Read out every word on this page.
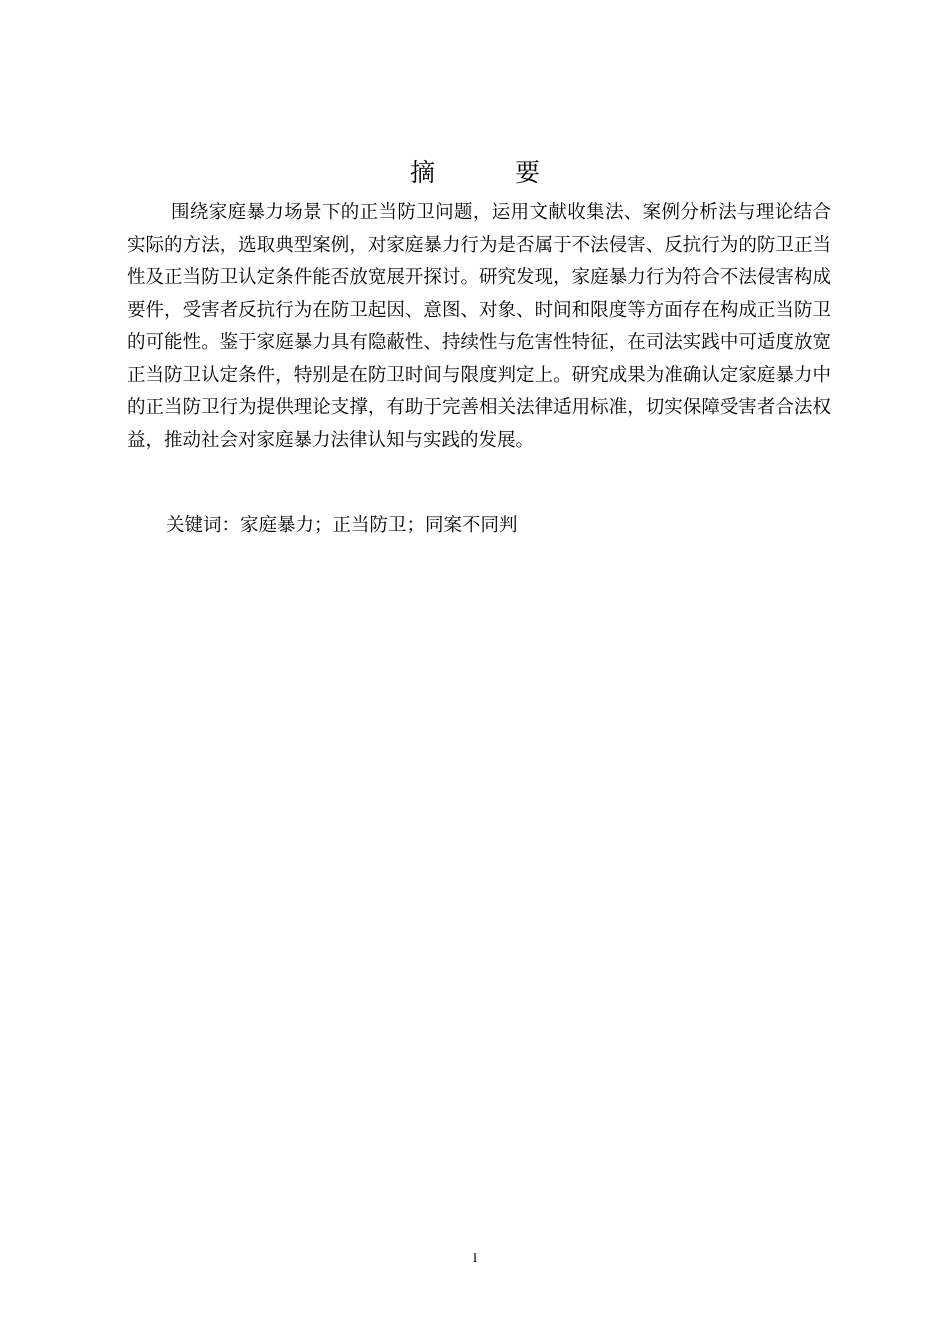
摘 要

围绕家庭暴力场景下的正当防卫问题，运用文献收集法、案例分析法与理论结合实际的方法，选取典型案例，对家庭暴力行为是否属于不法侵害、反抗行为的防卫正当性及正当防卫认定条件能否放宽展开探讨。研究发现，家庭暴力行为符合不法侵害构成要件，受害者反抗行为在防卫起因、意图、对象、时间和限度等方面存在构成正当防卫的可能性。鉴于家庭暴力具有隐蔽性、持续性与危害性特征，在司法实践中可适度放宽正当防卫认定条件，特别是在防卫时间与限度判定上。研究成果为准确认定家庭暴力中的正当防卫行为提供理论支撑，有助于完善相关法律适用标准，切实保障受害者合法权益，推动社会对家庭暴力法律认知与实践的发展。

关键词：家庭暴力；正当防卫；同案不同判
I
